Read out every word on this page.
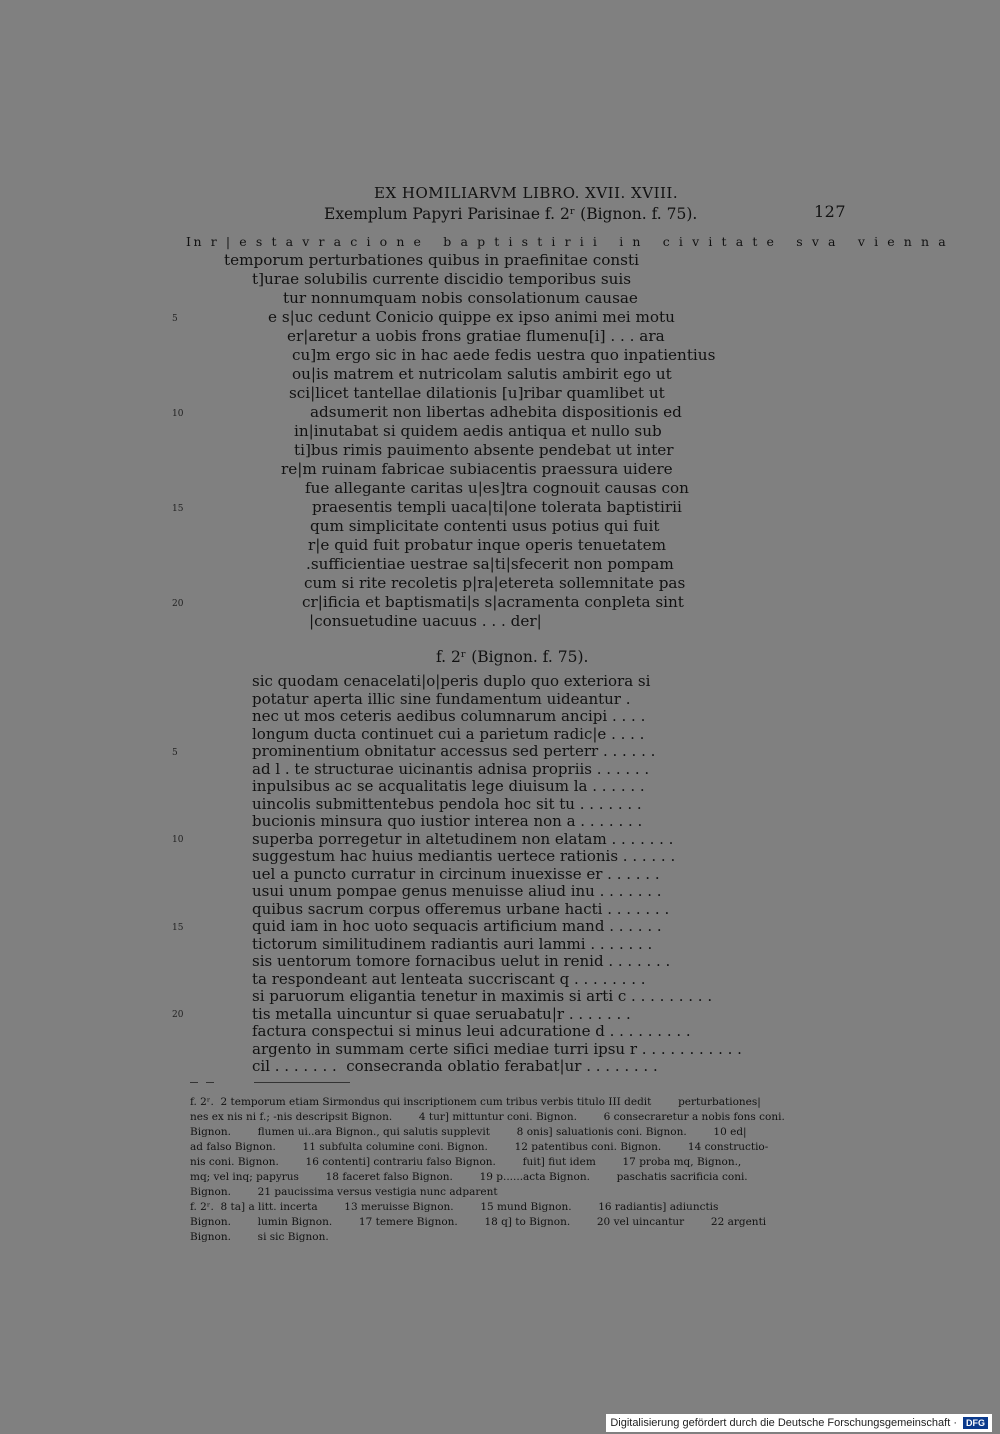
EX HOMILIARVM LIBRO. XVII. XVIII.

127

Exemplum Papyri Parisinae f. 2ʳ (Bignon. f. 75).
In r | e s t a v r a c i o n e   b a p t i s t i r i i   i n   c i v i t a t e   s v a   v i e n n a
temporum perturbationes quibus in praefinitae consti
t]urae solubilis currente discidio temporibus suis
tur nonnumquam nobis consolationum causae
e s|uc cedunt Conicio quippe ex ipso animi mei motu
er|aretur a uobis frons gratiae flumenu[i] . . . ara
cu]m ergo sic in hac aede fedis uestra quo inpatientius
ou|is matrem et nutricolam salutis ambirit ego ut
sci|licet tantellae dilationis [u]ribar quamlibet ut
adsumerit non libertas adhebita dispositionis ed
in|inutabat si quidem aedis antiqua et nullo sub
ti]bus rimis pauimento absente pendebat ut inter
re|m ruinam fabricae subiacentis praessura uidere
fue allegante caritas u|es]tra cognouit causas con
praesentis templi uaca|ti|one tolerata baptistirii
qum simplicitate contenti usus potius qui fuit
r|e quid fuit probatur inque operis tenuetatem
.sufficientiae uestrae sa|ti|sfecerit non pompam
cum si rite recoletis p|ra|etereta sollemnitate pas
cr|ificia et baptismati|s s|acramenta conpleta sint
|consuetudine uacuus . . . der|
5
10
15
20
f. 2ʳ (Bignon. f. 75).
sic quodam cenacelati|o|peris duplo quo exteriora si
potatur aperta illic sine fundamentum uideantur .
nec ut mos ceteris aedibus columnarum ancipi . . . .
longum ducta continuet cui a parietum radic|e . . . .
prominentium obnitatur accessus sed perterr . . . . . .
ad l . te structurae uicinantis adnisa propriis . . . . . .
inpulsibus ac se acqualitatis lege diuisum la . . . . . .
uincolis submittentebus pendola hoc sit tu . . . . . . .
bucionis minsura quo iustior interea non a . . . . . . .
superba porregetur in altetudinem non elatam . . . . . . .
suggestum hac huius mediantis uertece rationis . . . . . .
uel a puncto curratur in circinum inuexisse er . . . . . .
usui unum pompae genus menuisse aliud inu . . . . . . .
quibus sacrum corpus offeremus urbane hacti . . . . . . .
quid iam in hoc uoto sequacis artificium mand . . . . . .
tictorum similitudinem radiantis auri lammi . . . . . . .
sis uentorum tomore fornacibus uelut in renid . . . . . . .
ta respondeant aut lenteata succriscant q . . . . . . . .
si paruorum eligantia tenetur in maximis si arti c . . . . . . . . .
tis metalla uincuntur si quae seruabatu|r . . . . . . .
factura conspectui si minus leui adcuratione d . . . . . . . . .
argento in summam certe sifici mediae turri ipsu r . . . . . . . . . . .
cil . . . . . . .  consecranda oblatio ferabat|ur . . . . . . . .
5
10
15
20

f. 2ʳ.  2 temporum etiam Sirmondus qui inscriptionem cum tribus verbis titulo III dedit        perturbationes|

nes ex nis ni f.; -nis descripsit Bignon.        4 tur] mittuntur coni. Bignon.        6 consecraretur a nobis fons coni.

Bignon.        flumen ui..ara Bignon., qui salutis supplevit        8 onis] saluationis coni. Bignon.        10 ed|

ad falso Bignon.        11 subfulta columine coni. Bignon.        12 patentibus coni. Bignon.        14 constructio-

nis coni. Bignon.        16 contenti] contrariu falso Bignon.        fuit] fiut idem        17 proba mq, Bignon.,

mq; vel inq; papyrus        18 faceret falso Bignon.        19 p......acta Bignon.        paschatis sacrificia coni.

Bignon.        21 paucissima versus vestigia nunc adparent

f. 2ʳ.  8 ta] a litt. incerta        13 meruisse Bignon.        15 mund Bignon.        16 radiantis] adiunctis

Bignon.        lumin Bignon.        17 temere Bignon.        18 q] to Bignon.        20 vel uincantur        22 argenti

Bignon.        si sic Bignon.

Digitalisierung gefördert durch die Deutsche Forschungsgemeinschaft ·	DFG
